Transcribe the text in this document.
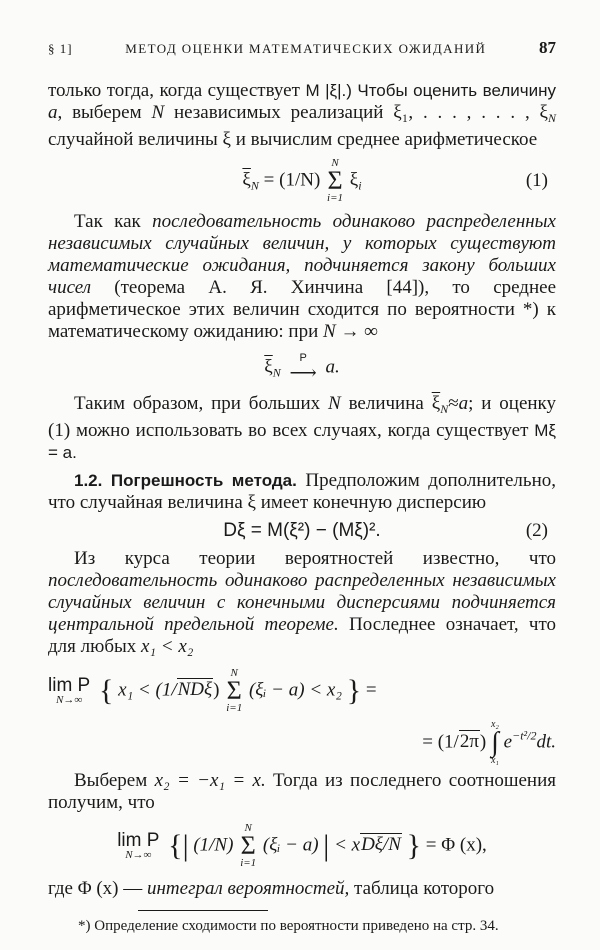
§ 1]	МЕТОД ОЦЕНКИ МАТЕМАТИЧЕСКИХ ОЖИДАНИЙ	87

только тогда, когда существует M |ξ|.) Чтобы оценить величину a, выберем N независимых реализаций ξ₁, . . . , . . . , $\xi_N$ случайной величины ξ и вычислим среднее арифметическое

$\overline{\xi}_N = (1/N)$
N
Σ
i=1
$\xi_i$	(1)

Так как последовательность одинаково распределенных независимых случайных величин, у которых существуют математические ожидания, подчиняется закону больших чисел (теорема А. Я. Хинчина [44]), то среднее арифметическое этих величин сходится по вероятности *) к математическому ожиданию: при N → ∞

$\overline{\xi}_N$
P
⟶ a.

Таким образом, при больших N величина $\overline{\xi}_N\approx a$; и оценку (1) можно использовать во всех случаях, когда существует Mξ = a.

1.2. Погрешность метода. Предположим дополнительно, что случайная величина ξ имеет конечную дисперсию

Dξ = M(ξ²) − (Mξ)².	(2)

Из курса теории вероятностей известно, что последовательность одинаково распределенных независимых случайных величин с конечными дисперсиями подчиняется центральной предельной теореме. Последнее означает, что для любых x₁ < x₂

lim P
N→∞ { x₁ < (1/NDξ)
N
Σ
i=1
(ξᵢ − a) < x₂ } =
= (1/2π)
x₂
∫
x₁
$e^{-t^2/2}dt$.

Выберем x₂ = −x₁ = x. Тогда из последнего соотношения получим, что

lim P
N→∞ {| (1/N)
N
Σ
i=1
(ξᵢ − a) | < xDξ/N } = Φ (x),

где Φ (x) — интеграл вероятностей, таблица которого

*) Определение сходимости по вероятности приведено на стр. 34.
